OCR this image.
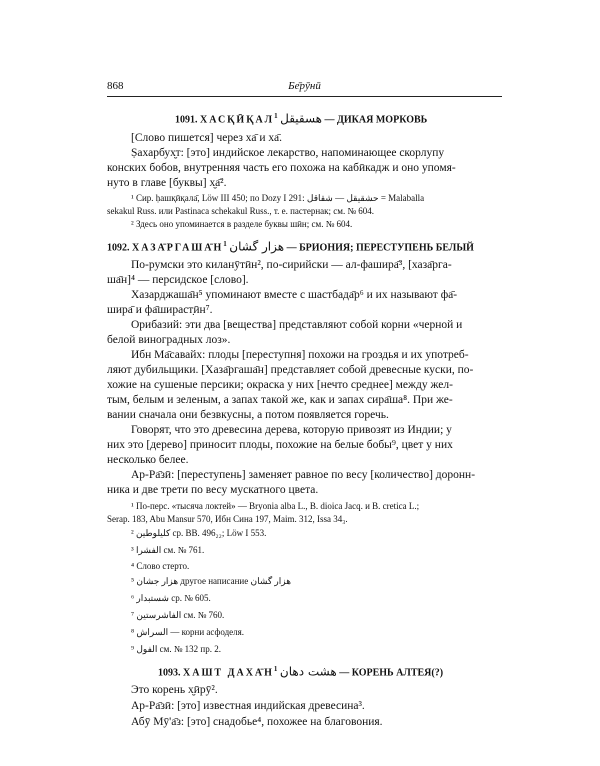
868	Бе̄рӯнӣ
1091. ХАСҚӢҚАЛ$^1$ هسقيقل — ДИКАЯ МОРКОВЬ
[Слово пишется] через ха̄ и ха̄.
Ṣахарбух̮т: [это] индийское лекарство, напоминающее скорлупу
конских бобов, внутренняя часть его похожа на кабӣкадж и оно упомя-
нуто в главе [буквы] х̮а̄².
¹ Сир. ḥашқӣқала̄, Löw III 450; по Dozy I 291: حشقيقل — شقاقل = Malaballa
sekakul Russ. или Pastinaca schekakul Russ., т. е. пастернак; см. № 604.
² Здесь оно упоминается в разделе буквы шӣн; см. № 604.
1092. $ХАЗА̄РГАША̄Н^1$ هزار گشان — БРИОНИЯ; ПЕРЕСТУПЕНЬ БЕЛЫЙ
По-румски это киланӯтӣн², по-сирийски — ал-фашира̄³, [хаза̄рга-
ша̄н]⁴ — персидское [слово].
Хазарджаша̄н⁵ упоминают вместе с шастбада̄р⁶ и их называют фа̄-
шира̄ и фа̄шираст̣ӣн⁷.
Орибазий: эти два [вещества] представляют собой корни «черной и
белой виноградных лоз».
Ибн Ма̄савайх: плоды [переступня] похожи на гроздья и их употреб-
ляют дубильщики. [Хаза̄ргаша̄н] представляет собой древесные куски, по-
хожие на сушеные персики; окраска у них [нечто среднее] между жел-
тым, белым и зеленым, а запах такой же, как и запах сира̄ша⁸. При же-
вании сначала они безвкусны, а потом появляется горечь.
Говорят, что это древесина дерева, которую привозят из Индии; у
них это [дерево] приносит плоды, похожие на белые бобы⁹, цвет у них
несколько белее.
Ар-Ра̄зӣ: [переступень] заменяет равное по весу [количество] доронн-
ника и две трети по весу мускатного цвета.
¹ По-перс. «тысяча локтей» — Bryonia alba L., B. dioica Jacq. и B. cretica L.;
Serap. 183, Abu Mansur 570, Ибн Сина 197, Maim. 312, Issa 34₃.
² كليلوطين ср. BB. 496₂₂; Löw I 553.
³ الفشرا см. № 761.
⁴ Слово стерто.
⁵ هزار جشان другое написание هزار گشان
⁶ شستبدار ср. № 605.
⁷ الفاشرستين см. № 760.
⁸ السراش — корни асфоделя.
⁹ الفول см. № 132 пр. 2.
1093. ХАШТ $ДАХА̄Н^1$ هشت دهان — КОРЕНЬ АЛТЕЯ(?)
Это корень х̮ӣрӯ².
Ар-Ра̄зӣ: [это] известная индийская древесина³.
Абӯ Мӯ'а̄з: [это] снадобье⁴, похожее на благовония.
